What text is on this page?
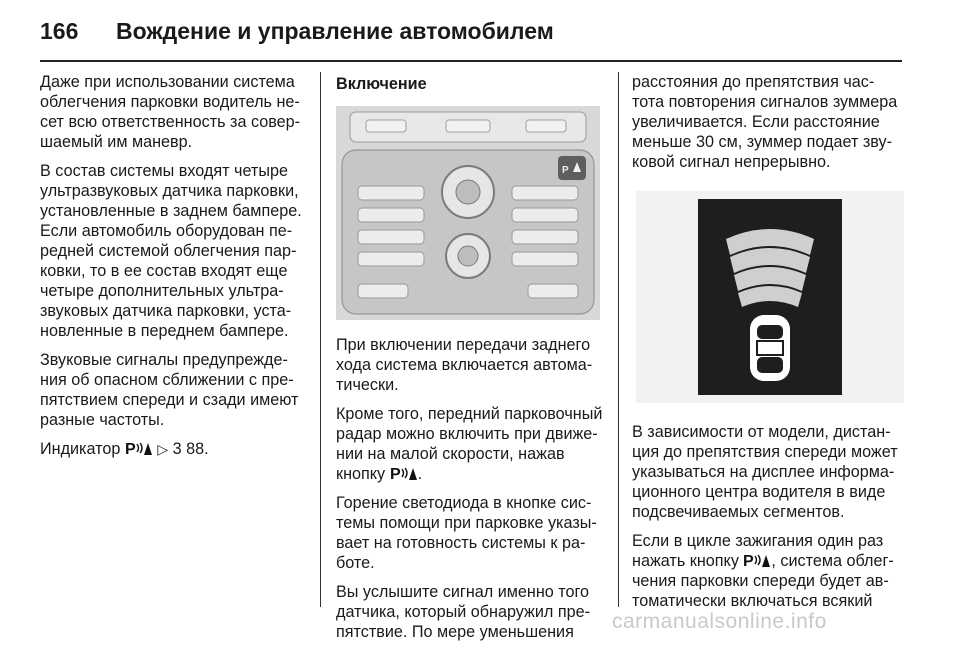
166 Вождение и управление автомобилем

Даже при использовании система облегчения парковки водитель не-сет всю ответственность за совер-шаемый им маневр.

В состав системы входят четыре ультразвуковых датчика парковки, установленные в заднем бампере. Если автомобиль оборудован пе-редней системой облегчения пар-ковки, то в ее состав входят еще четыре дополнительных ультра-звуковых датчика парковки, уста-новленные в переднем бампере.

Звуковые сигналы предупрежде-ния об опасном сближении с пре-пятствием спереди и сзади имеют разные частоты.

Индикатор P ▷ 3 88.

Включение
P

При включении передачи заднего хода система включается автома-тически.

Кроме того, передний парковочный радар можно включить при движе-нии на малой скорости, нажав кнопку P .

Горение светодиода в кнопке сис-темы помощи при парковке указы-вает на готовность системы к ра-боте.

Вы услышите сигнал именно того датчика, который обнаружил пре-пятствие. По мере уменьшения

расстояния до препятствия час-тота повторения сигналов зуммера увеличивается. Если расстояние меньше 30 см, зуммер подает зву-ковой сигнал непрерывно.

В зависимости от модели, дистан-ция до препятствия спереди может указываться на дисплее информа-ционного центра водителя в виде подсвечиваемых сегментов.

Если в цикле зажигания один раз нажать кнопку P , система облег-чения парковки спереди будет ав-томатически включаться всякий

carmanualsonline.info
